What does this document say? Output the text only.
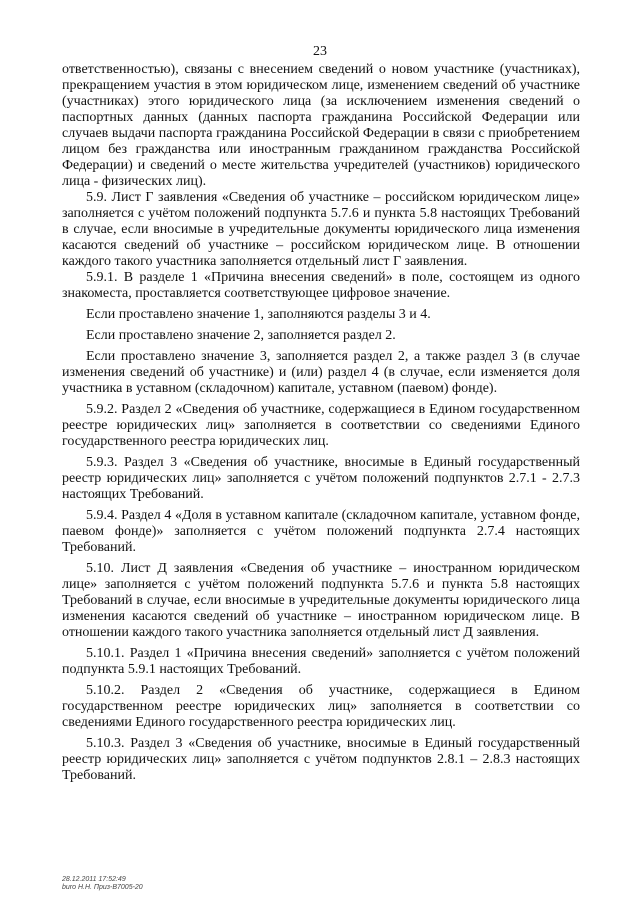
23

ответственностью), связаны с внесением сведений о новом участнике (участниках), прекращением участия в этом юридическом лице, изменением сведений об участнике (участниках) этого юридического лица (за исключением изменения сведений о паспортных данных (данных паспорта гражданина Российской Федерации или случаев выдачи паспорта гражданина Российской Федерации в связи с приобретением лицом без гражданства или иностранным гражданином гражданства Российской Федерации) и сведений о месте жительства учредителей (участников) юридического лица - физических лиц).

5.9. Лист Г заявления «Сведения об участнике – российском юридическом лице» заполняется с учётом положений подпункта 5.7.6 и пункта 5.8 настоящих Требований в случае, если вносимые в учредительные документы юридического лица изменения касаются сведений об участнике – российском юридическом лице. В отношении каждого такого участника заполняется отдельный лист Г заявления.

5.9.1. В разделе 1 «Причина внесения сведений» в поле, состоящем из одного знакоместа, проставляется соответствующее цифровое значение.

Если проставлено значение 1, заполняются разделы 3 и 4.

Если проставлено значение 2, заполняется раздел 2.

Если проставлено значение 3, заполняется раздел 2, а также раздел 3 (в случае изменения сведений об участнике) и (или) раздел 4 (в случае, если изменяется доля участника в уставном (складочном) капитале, уставном (паевом) фонде).

5.9.2. Раздел 2 «Сведения об участнике, содержащиеся в Едином государственном реестре юридических лиц» заполняется в соответствии со сведениями Единого государственного реестра юридических лиц.

5.9.3. Раздел 3 «Сведения об участнике, вносимые в Единый государственный реестр юридических лиц» заполняется с учётом положений подпунктов 2.7.1 - 2.7.3 настоящих Требований.

5.9.4. Раздел 4 «Доля в уставном капитале (складочном капитале, уставном фонде, паевом фонде)» заполняется с учётом положений подпункта 2.7.4 настоящих Требований.

5.10. Лист Д заявления «Сведения об участнике – иностранном юридическом лице» заполняется с учётом положений подпункта 5.7.6 и пункта 5.8 настоящих Требований в случае, если вносимые в учредительные документы юридического лица изменения касаются сведений об участнике – иностранном юридическом лице. В отношении каждого такого участника заполняется отдельный лист Д заявления.

5.10.1. Раздел 1 «Причина внесения сведений» заполняется с учётом положений подпункта 5.9.1 настоящих Требований.

5.10.2. Раздел 2 «Сведения об участнике, содержащиеся в Едином государственном реестре юридических лиц» заполняется в соответствии со сведениями Единого государственного реестра юридических лиц.

5.10.3. Раздел 3 «Сведения об участнике, вносимые в Единый государственный реестр юридических лиц» заполняется с учётом подпунктов 2.8.1 – 2.8.3 настоящих Требований.

28.12.2011 17:52:49
buro Н.Н. Приз-В7005-20
